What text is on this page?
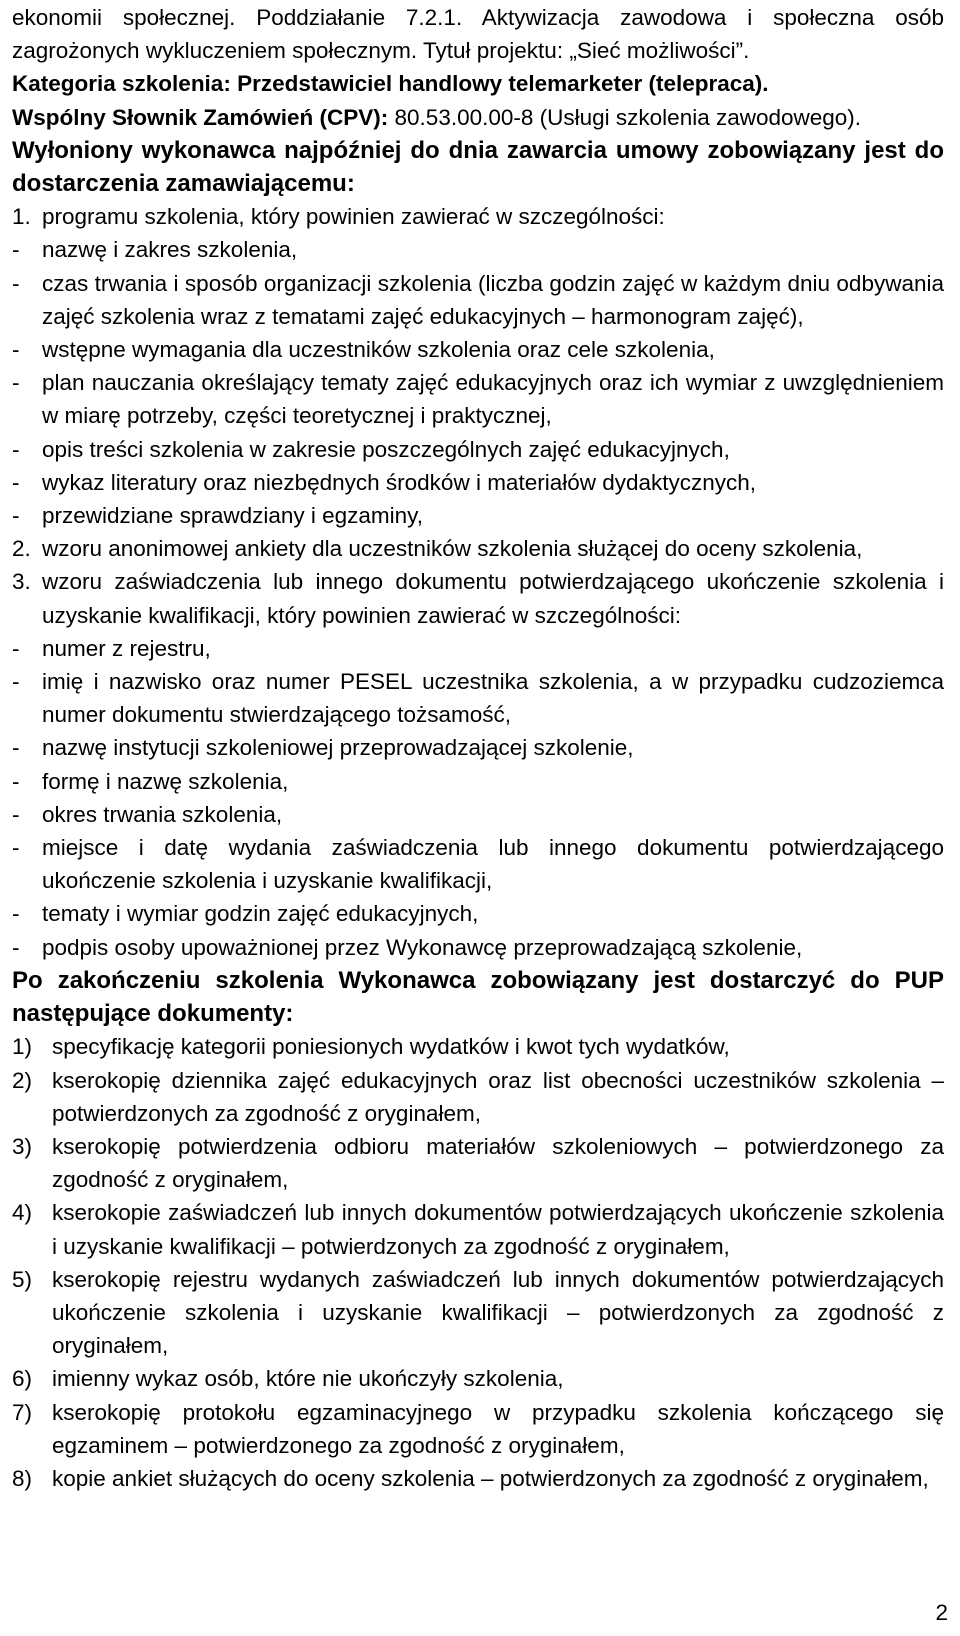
ekonomii społecznej. Poddziałanie 7.2.1. Aktywizacja zawodowa i społeczna osób zagrożonych wykluczeniem społecznym. Tytuł projektu: „Sieć możliwości”.
Kategoria szkolenia: Przedstawiciel handlowy telemarketer (telepraca).
Wspólny Słownik Zamówień (CPV): 80.53.00.00-8 (Usługi szkolenia zawodowego).
Wyłoniony wykonawca najpóźniej do dnia zawarcia umowy zobowiązany jest do dostarczenia zamawiającemu:
1. programu szkolenia, który powinien zawierać w szczególności:
-	nazwę i zakres szkolenia,
-	czas trwania i sposób organizacji szkolenia (liczba godzin zajęć w każdym dniu odbywania zajęć szkolenia wraz z tematami zajęć edukacyjnych – harmonogram zajęć),
-	wstępne wymagania dla uczestników szkolenia oraz cele szkolenia,
-	plan nauczania określający tematy zajęć edukacyjnych oraz ich wymiar z uwzględnieniem w miarę potrzeby, części teoretycznej i praktycznej,
-	opis treści szkolenia w zakresie poszczególnych zajęć edukacyjnych,
-	wykaz literatury oraz niezbędnych środków i materiałów dydaktycznych,
-	przewidziane sprawdziany i egzaminy,
2. wzoru anonimowej ankiety dla uczestników szkolenia służącej do oceny szkolenia,
3. wzoru zaświadczenia lub innego dokumentu potwierdzającego ukończenie szkolenia i uzyskanie kwalifikacji, który powinien zawierać w szczególności:
-	numer z rejestru,
-	imię i nazwisko oraz numer PESEL uczestnika szkolenia, a w przypadku cudzoziemca numer dokumentu stwierdzającego tożsamość,
-	nazwę instytucji szkoleniowej przeprowadzającej szkolenie,
-	formę i nazwę szkolenia,
-	okres trwania szkolenia,
-	miejsce i datę wydania zaświadczenia lub innego dokumentu potwierdzającego ukończenie szkolenia i uzyskanie kwalifikacji,
-	tematy i wymiar godzin zajęć edukacyjnych,
-	podpis osoby upoważnionej przez Wykonawcę przeprowadzającą szkolenie,
Po zakończeniu szkolenia Wykonawca zobowiązany jest dostarczyć do PUP następujące dokumenty:
1) specyfikację kategorii poniesionych wydatków i kwot tych wydatków,
2) kserokopię dziennika zajęć edukacyjnych oraz list obecności uczestników szkolenia – potwierdzonych za zgodność z oryginałem,
3) kserokopię potwierdzenia odbioru materiałów szkoleniowych – potwierdzonego za zgodność z oryginałem,
4) kserokopie zaświadczeń lub innych dokumentów potwierdzających ukończenie szkolenia i uzyskanie kwalifikacji – potwierdzonych za zgodność z oryginałem,
5) kserokopię rejestru wydanych zaświadczeń lub innych dokumentów potwierdzających ukończenie szkolenia i uzyskanie kwalifikacji – potwierdzonych za zgodność z oryginałem,
6) imienny wykaz osób, które nie ukończyły szkolenia,
7) kserokopię protokołu egzaminacyjnego w przypadku szkolenia kończącego się egzaminem – potwierdzonego za zgodność z oryginałem,
8) kopie ankiet służących do oceny szkolenia – potwierdzonych za zgodność z oryginałem,
2
